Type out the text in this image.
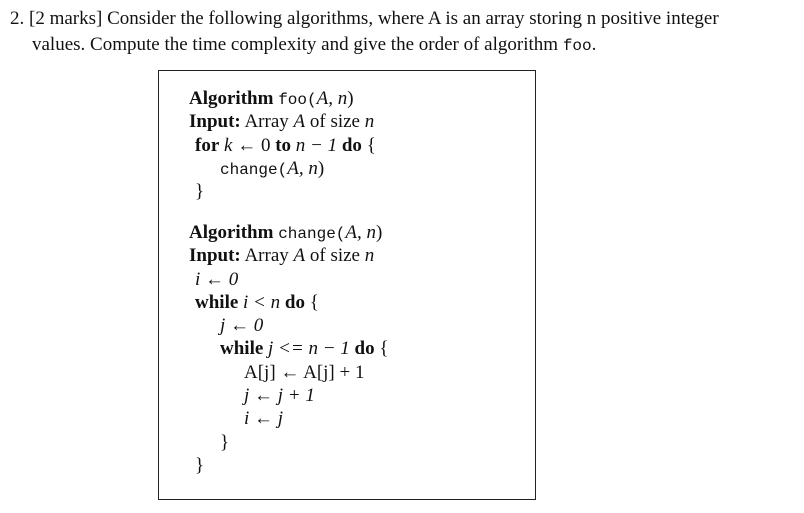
2. [2 marks] Consider the following algorithms, where A is an array storing n positive integer
values. Compute the time complexity and give the order of algorithm foo.
Algorithm foo(A, n)
Input: Array A of size n
for k ← 0 to n − 1 do {
change(A, n)
}
Algorithm change(A, n)
Input: Array A of size n
i ← 0
while i < n do {
j ← 0
while j <= n − 1 do {
A[j] ← A[j] + 1
j ← j + 1
i ← j
}
}
